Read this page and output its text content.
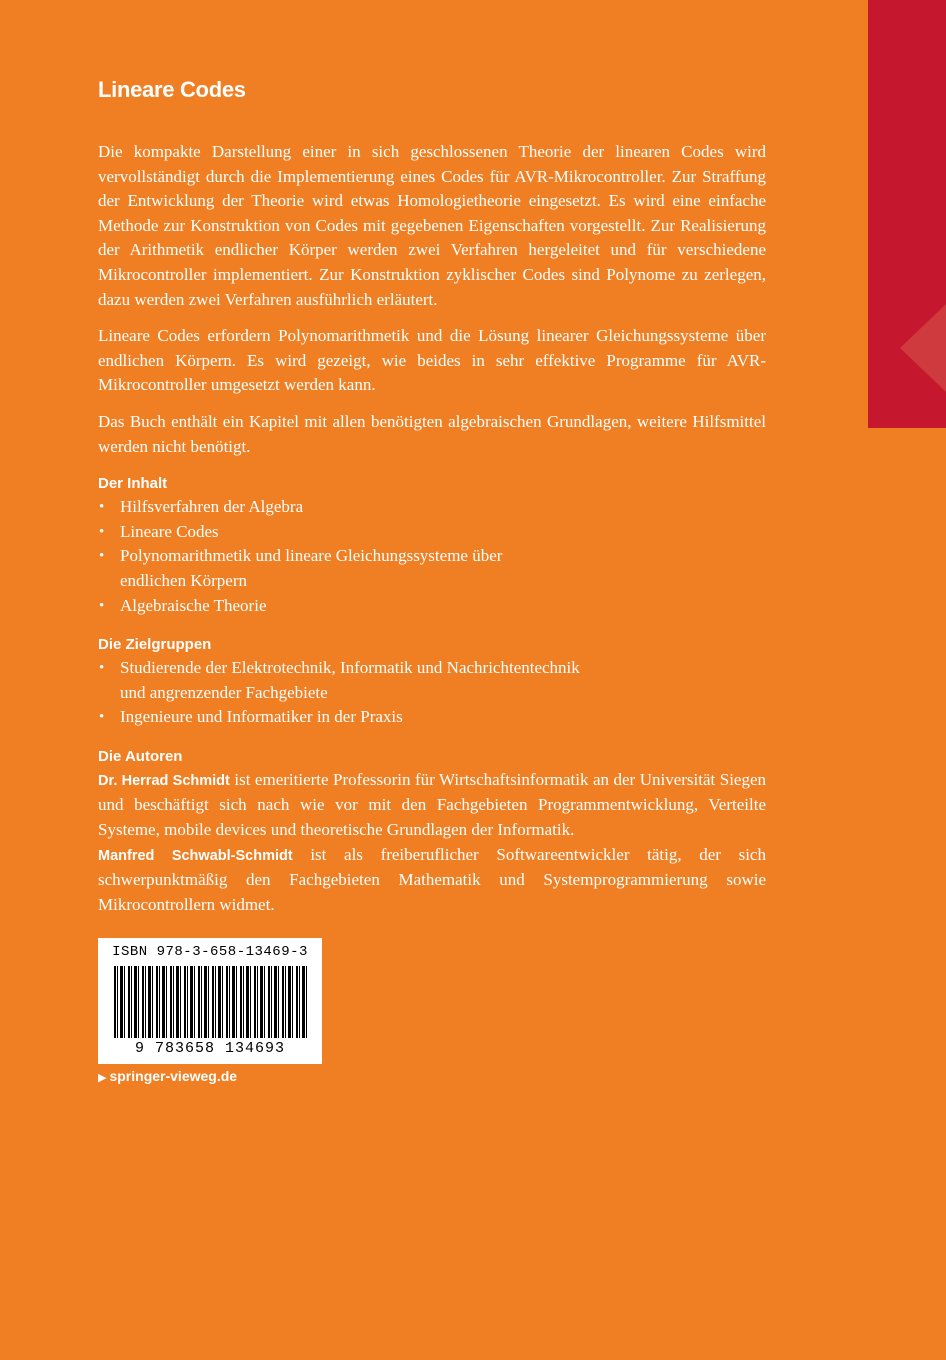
Lineare Codes

Die kompakte Darstellung einer in sich geschlossenen Theorie der linearen Codes wird vervollständigt durch die Implementierung eines Codes für AVR-Mikrocontroller. Zur Straffung der Entwicklung der Theorie wird etwas Homologietheorie eingesetzt. Es wird eine einfache Methode zur Konstruktion von Codes mit gegebenen Eigenschaften vorgestellt. Zur Realisierung der Arithmetik endlicher Körper werden zwei Verfahren hergeleitet und für verschiedene Mikrocontroller implementiert. Zur Konstruktion zyklischer Codes sind Polynome zu zerlegen, dazu werden zwei Verfahren ausführlich erläutert.

Lineare Codes erfordern Polynomarithmetik und die Lösung linearer Gleichungssysteme über endlichen Körpern. Es wird gezeigt, wie beides in sehr effektive Programme für AVR-Mikrocontroller umgesetzt werden kann.

Das Buch enthält ein Kapitel mit allen benötigten algebraischen Grundlagen, weitere Hilfsmittel werden nicht benötigt.

Der Inhalt
• Hilfsverfahren der Algebra
• Lineare Codes
• Polynomarithmetik und lineare Gleichungssysteme über endlichen Körpern
• Algebraische Theorie
Die Zielgruppen
• Studierende der Elektrotechnik, Informatik und Nachrichtentechnik und angrenzender Fachgebiete
• Ingenieure und Informatiker in der Praxis
Die Autoren

Dr. Herrad Schmidt ist emeritierte Professorin für Wirtschaftsinformatik an der Universität Siegen und beschäftigt sich nach wie vor mit den Fachgebieten Programmentwicklung, Verteilte Systeme, mobile devices und theoretische Grundlagen der Informatik.

Manfred Schwabl-Schmidt ist als freiberuflicher Softwareentwickler tätig, der sich schwerpunktmäßig den Fachgebieten Mathematik und Systemprogrammierung sowie Mikrocontrollern widmet.

ISBN 978-3-658-13469-3
9 783658 134693
▶ springer-vieweg.de
